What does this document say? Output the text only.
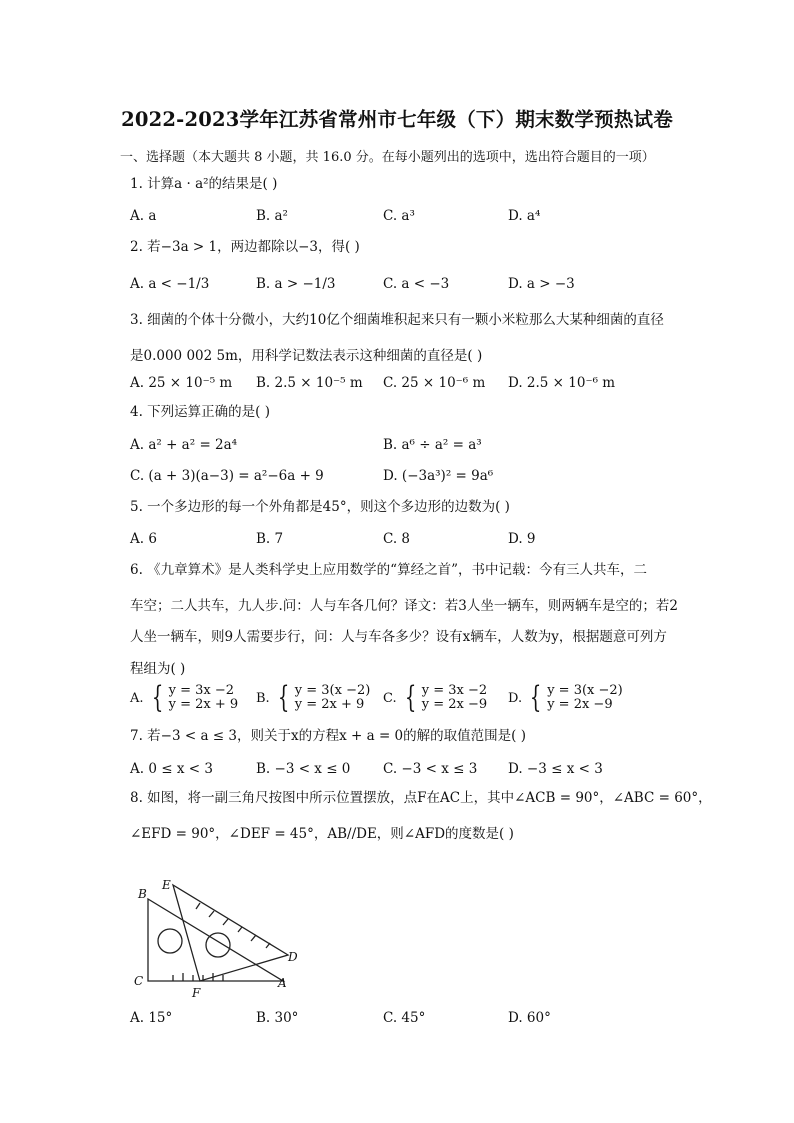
2022-2023学年江苏省常州市七年级（下）期末数学预热试卷
一、选择题（本大题共 8 小题，共 16.0 分。在每小题列出的选项中，选出符合题目的一项）
1. 计算a · a²的结果是( )
A. a	B. a²	C. a³	D. a⁴
2. 若−3a > 1，两边都除以−3，得( )
A. a < −1/3	B. a > −1/3	C. a < −3	D. a > −3
3. 细菌的个体十分微小，大约10亿个细菌堆积起来只有一颗小米粒那么大某种细菌的直径
是0.000 002 5m，用科学记数法表示这种细菌的直径是( )
A. 25 × 10⁻⁵ m B. 2.5 × 10⁻⁵ m C. 25 × 10⁻⁶ m D. 2.5 × 10⁻⁶ m
4. 下列运算正确的是( )
A. a² + a² = 2a⁴	B. a⁶ ÷ a² = a³
C. (a + 3)(a−3) = a²−6a + 9	D. (−3a³)² = 9a⁶
5. 一个多边形的每一个外角都是45°，则这个多边形的边数为( )
A. 6	B. 7	C. 8	D. 9
6. 《九章算术》是人类科学史上应用数学的“算经之首”，书中记载：今有三人共车，二
车空；二人共车，九人步.问：人与车各几何？译文：若3人坐一辆车，则两辆车是空的；若2
人坐一辆车，则9人需要步行，问：人与车各多少？设有x辆车，人数为y，根据题意可列方
程组为( )
A. { y = 3x −2
y = 2x + 9 B. { y = 3(x −2)
y = 2x + 9	C. { y = 3x −2
y = 2x −9 D. { y = 3(x −2)
y = 2x −9
7. 若−3 < a ≤ 3，则关于x的方程x + a = 0的解的取值范围是( )
A. 0 ≤ x < 3	B. −3 < x ≤ 0 C. −3 < x ≤ 3 D. −3 ≤ x < 3
8. 如图，将一副三角尺按图中所示位置摆放，点F在AC上，其中∠ACB = 90°，∠ABC = 60°，
∠EFD = 90°，∠DEF = 45°，AB//DE，则∠AFD的度数是( )
B
E
D
C
F
A
A. 15°	B. 30°	C. 45°	D. 60°
